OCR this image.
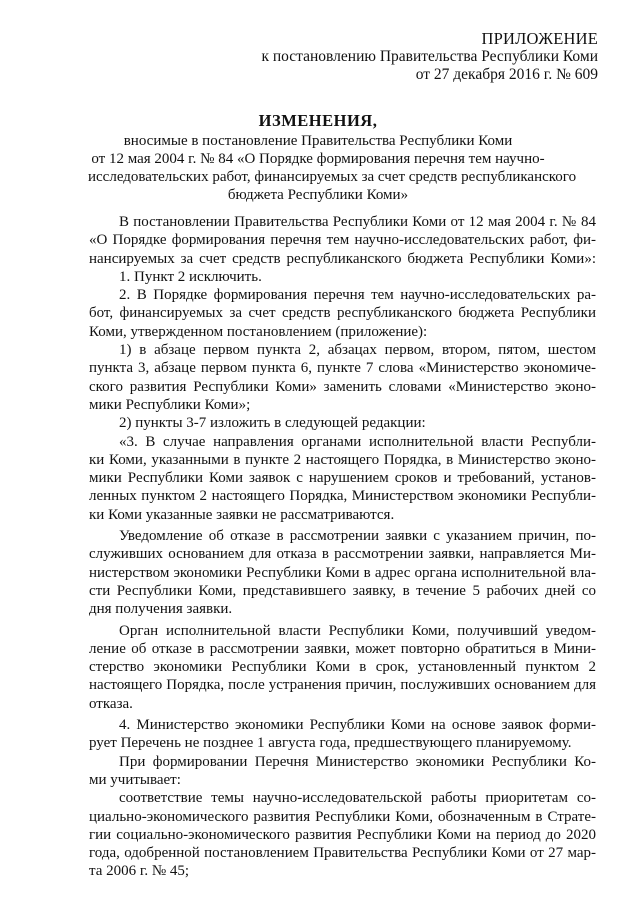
ПРИЛОЖЕНИЕ
к постановлению Правительства Республики Коми
от 27 декабря 2016 г. № 609
ИЗМЕНЕНИЯ,
вносимые в постановление Правительства Республики Коми
от 12 мая 2004 г. № 84 «О Порядке формирования перечня тем научно-
исследовательских работ, финансируемых за счет средств республиканского
бюджета Республики Коми»
В постановлении Правительства Республики Коми от 12 мая 2004 г. № 84
«О Порядке формирования перечня тем научно-исследовательских работ, фи-
нансируемых за счет средств республиканского бюджета Республики Коми»:
1. Пункт 2 исключить.
2. В Порядке формирования перечня тем научно-исследовательских ра-
бот, финансируемых за счет средств республиканского бюджета Республики
Коми, утвержденном постановлением (приложение):
1) в абзаце первом пункта 2, абзацах первом, втором, пятом, шестом
пункта 3, абзаце первом пункта 6, пункте 7 слова «Министерство экономиче-
ского развития Республики Коми» заменить словами «Министерство эконо-
мики Республики Коми»;
2) пункты 3-7 изложить в следующей редакции:
«3. В случае направления органами исполнительной власти Республи-
ки Коми, указанными в пункте 2 настоящего Порядка, в Министерство эконо-
мики Республики Коми заявок с нарушением сроков и требований, установ-
ленных пунктом 2 настоящего Порядка, Министерством экономики Республи-
ки Коми указанные заявки не рассматриваются.
Уведомление об отказе в рассмотрении заявки с указанием причин, по-
служивших основанием для отказа в рассмотрении заявки, направляется Ми-
нистерством экономики Республики Коми в адрес органа исполнительной вла-
сти Республики Коми, представившего заявку, в течение 5 рабочих дней со
дня получения заявки.
Орган исполнительной власти Республики Коми, получивший уведом-
ление об отказе в рассмотрении заявки, может повторно обратиться в Мини-
стерство экономики Республики Коми в срок, установленный пунктом 2
настоящего Порядка, после устранения причин, послуживших основанием для
отказа.
4. Министерство экономики Республики Коми на основе заявок форми-
рует Перечень не позднее 1 августа года, предшествующего планируемому.
При формировании Перечня Министерство экономики Республики Ко-
ми учитывает:
соответствие темы научно-исследовательской работы приоритетам со-
циально-экономического развития Республики Коми, обозначенным в Страте-
гии социально-экономического развития Республики Коми на период до 2020
года, одобренной постановлением Правительства Республики Коми от 27 мар-
та 2006 г. № 45;
